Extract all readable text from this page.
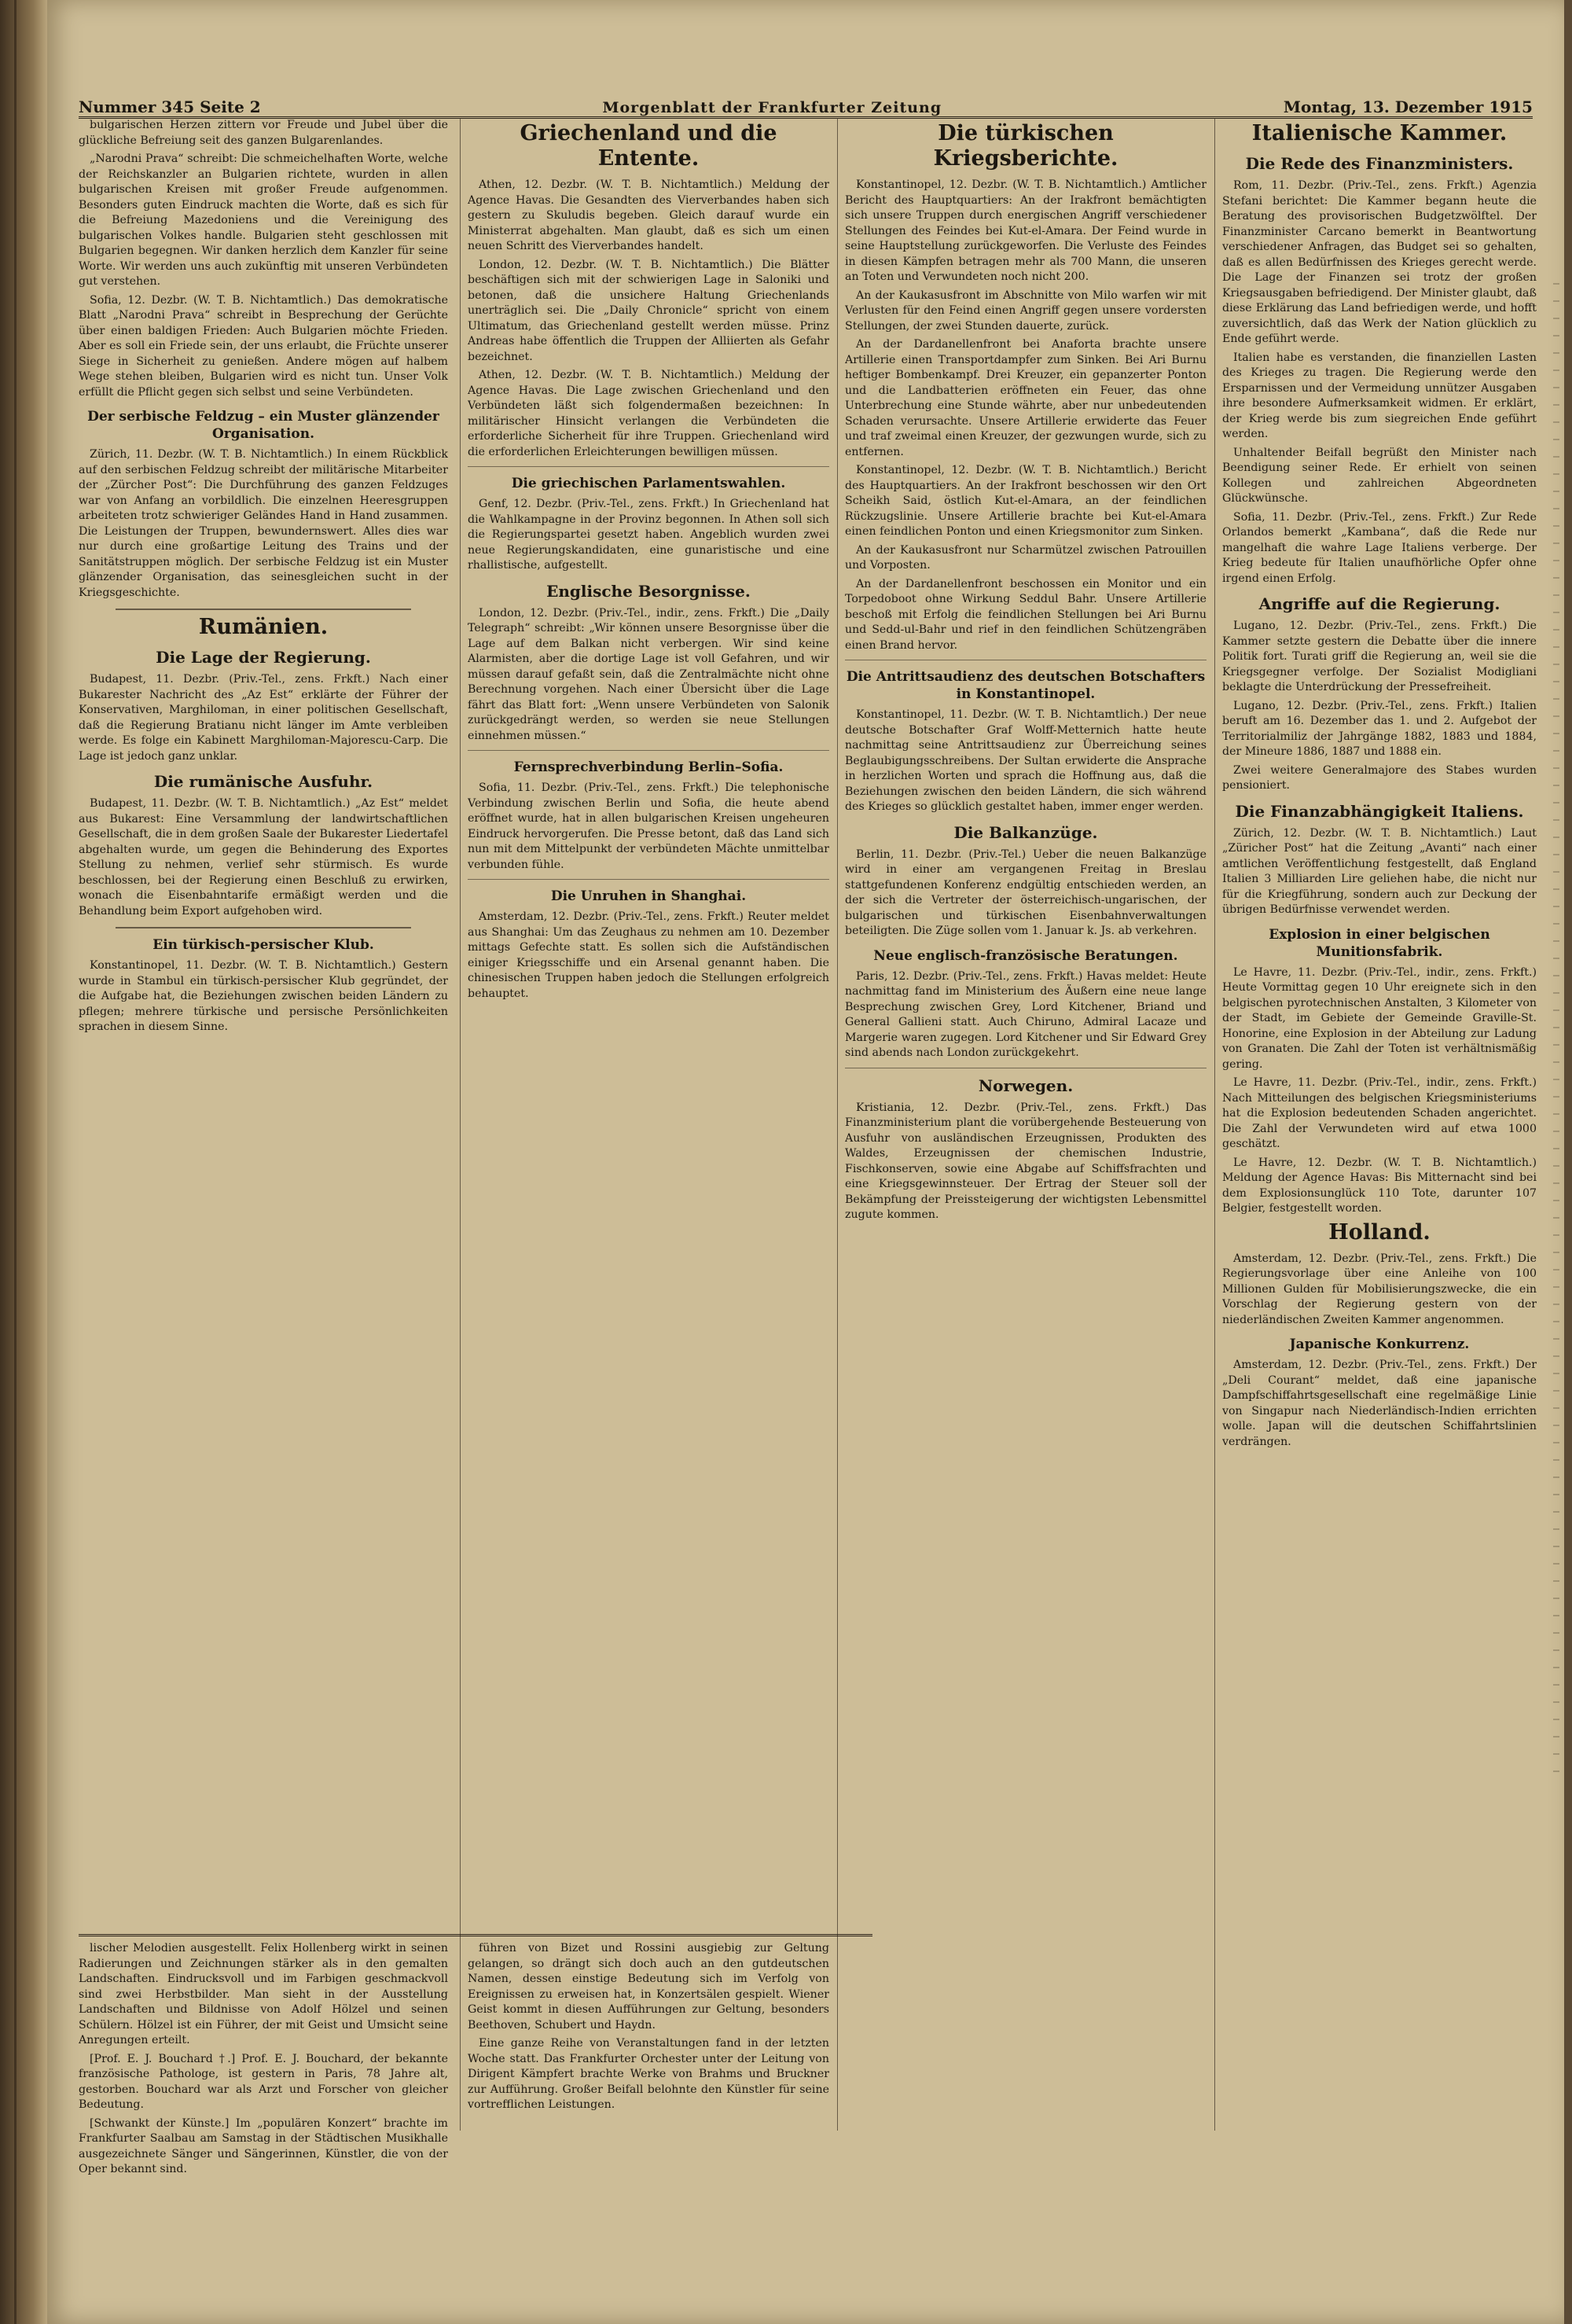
Nummer 345 Seite 2	Morgenblatt der Frankfurter Zeitung	Montag, 13. Dezember 1915

bulgarischen Herzen zittern vor Freude und Jubel über die glückliche Befreiung seit des ganzen Bulgarenlandes.

„Narodni Prava“ schreibt: Die schmeichelhaften Worte, welche der Reichskanzler an Bulgarien richtete, wurden in allen bulgarischen Kreisen mit großer Freude aufgenommen. Besonders guten Eindruck machten die Worte, daß es sich für die Befreiung Mazedoniens und die Vereinigung des bulgarischen Volkes handle. Bulgarien steht geschlossen mit Bulgarien begegnen. Wir danken herzlich dem Kanzler für seine Worte. Wir werden uns auch zukünftig mit unseren Verbündeten gut verstehen.

Sofia, 12. Dezbr. (W. T. B. Nichtamtlich.) Das demokratische Blatt „Narodni Prava“ schreibt in Besprechung der Gerüchte über einen baldigen Frieden: Auch Bulgarien möchte Frieden. Aber es soll ein Friede sein, der uns erlaubt, die Früchte unserer Siege in Sicherheit zu genießen. Andere mögen auf halbem Wege stehen bleiben, Bulgarien wird es nicht tun. Unser Volk erfüllt die Pflicht gegen sich selbst und seine Verbündeten.

Der serbische Feldzug – ein Muster glänzender Organisation.

Zürich, 11. Dezbr. (W. T. B. Nichtamtlich.) In einem Rückblick auf den serbischen Feldzug schreibt der militärische Mitarbeiter der „Zürcher Post“: Die Durchführung des ganzen Feldzuges war von Anfang an vorbildlich. Die einzelnen Heeresgruppen arbeiteten trotz schwieriger Geländes Hand in Hand zusammen. Die Leistungen der Truppen, bewundernswert. Alles dies war nur durch eine großartige Leitung des Trains und der Sanitätstruppen möglich. Der serbische Feldzug ist ein Muster glänzender Organisation, das seinesgleichen sucht in der Kriegsgeschichte.

Rumänien.
Die Lage der Regierung.

Budapest, 11. Dezbr. (Priv.-Tel., zens. Frkft.) Nach einer Bukarester Nachricht des „Az Est“ erklärte der Führer der Konservativen, Marghiloman, in einer politischen Gesellschaft, daß die Regierung Bratianu nicht länger im Amte verbleiben werde. Es folge ein Kabinett Marghiloman-Majorescu-Carp. Die Lage ist jedoch ganz unklar.

Die rumänische Ausfuhr.

Budapest, 11. Dezbr. (W. T. B. Nichtamtlich.) „Az Est“ meldet aus Bukarest: Eine Versammlung der landwirtschaftlichen Gesellschaft, die in dem großen Saale der Bukarester Liedertafel abgehalten wurde, um gegen die Behinderung des Exportes Stellung zu nehmen, verlief sehr stürmisch. Es wurde beschlossen, bei der Regierung einen Beschluß zu erwirken, wonach die Eisenbahntarife ermäßigt werden und die Behandlung beim Export aufgehoben wird.

Ein türkisch-persischer Klub.

Konstantinopel, 11. Dezbr. (W. T. B. Nichtamtlich.) Gestern wurde in Stambul ein türkisch-persischer Klub gegründet, der die Aufgabe hat, die Beziehungen zwischen beiden Ländern zu pflegen; mehrere türkische und persische Persönlichkeiten sprachen in diesem Sinne.

Griechenland und die Entente.

Athen, 12. Dezbr. (W. T. B. Nichtamtlich.) Meldung der Agence Havas. Die Gesandten des Vierverbandes haben sich gestern zu Skuludis begeben. Gleich darauf wurde ein Ministerrat abgehalten. Man glaubt, daß es sich um einen neuen Schritt des Vierverbandes handelt.

London, 12. Dezbr. (W. T. B. Nichtamtlich.) Die Blätter beschäftigen sich mit der schwierigen Lage in Saloniki und betonen, daß die unsichere Haltung Griechenlands unerträglich sei. Die „Daily Chronicle“ spricht von einem Ultimatum, das Griechenland gestellt werden müsse. Prinz Andreas habe öffentlich die Truppen der Alliierten als Gefahr bezeichnet.

Athen, 12. Dezbr. (W. T. B. Nichtamtlich.) Meldung der Agence Havas. Die Lage zwischen Griechenland und den Verbündeten läßt sich folgendermaßen bezeichnen: In militärischer Hinsicht verlangen die Verbündeten die erforderliche Sicherheit für ihre Truppen. Griechenland wird die erforderlichen Erleichterungen bewilligen müssen.

Die griechischen Parlamentswahlen.

Genf, 12. Dezbr. (Priv.-Tel., zens. Frkft.) In Griechenland hat die Wahlkampagne in der Provinz begonnen. In Athen soll sich die Regierungspartei gesetzt haben. Angeblich wurden zwei neue Regierungskandidaten, eine gunaristische und eine rhallistische, aufgestellt.

Englische Besorgnisse.

London, 12. Dezbr. (Priv.-Tel., indir., zens. Frkft.) Die „Daily Telegraph“ schreibt: „Wir können unsere Besorgnisse über die Lage auf dem Balkan nicht verbergen. Wir sind keine Alarmisten, aber die dortige Lage ist voll Gefahren, und wir müssen darauf gefaßt sein, daß die Zentralmächte nicht ohne Berechnung vorgehen. Nach einer Übersicht über die Lage fährt das Blatt fort: „Wenn unsere Verbündeten von Salonik zurückgedrängt werden, so werden sie neue Stellungen einnehmen müssen.“

Fernsprechverbindung Berlin–Sofia.

Sofia, 11. Dezbr. (Priv.-Tel., zens. Frkft.) Die telephonische Verbindung zwischen Berlin und Sofia, die heute abend eröffnet wurde, hat in allen bulgarischen Kreisen ungeheuren Eindruck hervorgerufen. Die Presse betont, daß das Land sich nun mit dem Mittelpunkt der verbündeten Mächte unmittelbar verbunden fühle.

Die Unruhen in Shanghai.

Amsterdam, 12. Dezbr. (Priv.-Tel., zens. Frkft.) Reuter meldet aus Shanghai: Um das Zeughaus zu nehmen am 10. Dezember mittags Gefechte statt. Es sollen sich die Aufständischen einiger Kriegsschiffe und ein Arsenal genannt haben. Die chinesischen Truppen haben jedoch die Stellungen erfolgreich behauptet.

Die türkischen Kriegsberichte.

Konstantinopel, 12. Dezbr. (W. T. B. Nichtamtlich.) Amtlicher Bericht des Hauptquartiers: An der Irakfront bemächtigten sich unsere Truppen durch energischen Angriff verschiedener Stellungen des Feindes bei Kut-el-Amara. Der Feind wurde in seine Hauptstellung zurückgeworfen. Die Verluste des Feindes in diesen Kämpfen betragen mehr als 700 Mann, die unseren an Toten und Verwundeten noch nicht 200.

An der Kaukasusfront im Abschnitte von Milo warfen wir mit Verlusten für den Feind einen Angriff gegen unsere vordersten Stellungen, der zwei Stunden dauerte, zurück.

An der Dardanellenfront bei Anaforta brachte unsere Artillerie einen Transportdampfer zum Sinken. Bei Ari Burnu heftiger Bombenkampf. Drei Kreuzer, ein gepanzerter Ponton und die Landbatterien eröffneten ein Feuer, das ohne Unterbrechung eine Stunde währte, aber nur unbedeutenden Schaden verursachte. Unsere Artillerie erwiderte das Feuer und traf zweimal einen Kreuzer, der gezwungen wurde, sich zu entfernen.

Konstantinopel, 12. Dezbr. (W. T. B. Nichtamtlich.) Bericht des Hauptquartiers. An der Irakfront beschossen wir den Ort Scheikh Said, östlich Kut-el-Amara, an der feindlichen Rückzugslinie. Unsere Artillerie brachte bei Kut-el-Amara einen feindlichen Ponton und einen Kriegsmonitor zum Sinken.

An der Kaukasusfront nur Scharmützel zwischen Patrouillen und Vorposten.

An der Dardanellenfront beschossen ein Monitor und ein Torpedoboot ohne Wirkung Seddul Bahr. Unsere Artillerie beschoß mit Erfolg die feindlichen Stellungen bei Ari Burnu und Sedd-ul-Bahr und rief in den feindlichen Schützengräben einen Brand hervor.

Die Antrittsaudienz des deutschen Botschafters in Konstantinopel.

Konstantinopel, 11. Dezbr. (W. T. B. Nichtamtlich.) Der neue deutsche Botschafter Graf Wolff-Metternich hatte heute nachmittag seine Antrittsaudienz zur Überreichung seines Beglaubigungsschreibens. Der Sultan erwiderte die Ansprache in herzlichen Worten und sprach die Hoffnung aus, daß die Beziehungen zwischen den beiden Ländern, die sich während des Krieges so glücklich gestaltet haben, immer enger werden.

Die Balkanzüge.

Berlin, 11. Dezbr. (Priv.-Tel.) Ueber die neuen Balkanzüge wird in einer am vergangenen Freitag in Breslau stattgefundenen Konferenz endgültig entschieden werden, an der sich die Vertreter der österreichisch-ungarischen, der bulgarischen und türkischen Eisenbahnverwaltungen beteiligten. Die Züge sollen vom 1. Januar k. Js. ab verkehren.

Neue englisch-französische Beratungen.

Paris, 12. Dezbr. (Priv.-Tel., zens. Frkft.) Havas meldet: Heute nachmittag fand im Ministerium des Äußern eine neue lange Besprechung zwischen Grey, Lord Kitchener, Briand und General Gallieni statt. Auch Chiruno, Admiral Lacaze und Margerie waren zugegen. Lord Kitchener und Sir Edward Grey sind abends nach London zurückgekehrt.

Norwegen.

Kristiania, 12. Dezbr. (Priv.-Tel., zens. Frkft.) Das Finanzministerium plant die vorübergehende Besteuerung von Ausfuhr von ausländischen Erzeugnissen, Produkten des Waldes, Erzeugnissen der chemischen Industrie, Fischkonserven, sowie eine Abgabe auf Schiffsfrachten und eine Kriegsgewinnsteuer. Der Ertrag der Steuer soll der Bekämpfung der Preissteigerung der wichtigsten Lebensmittel zugute kommen.

Italienische Kammer.
Die Rede des Finanzministers.

Rom, 11. Dezbr. (Priv.-Tel., zens. Frkft.) Agenzia Stefani berichtet: Die Kammer begann heute die Beratung des provisorischen Budgetzwölftel. Der Finanzminister Carcano bemerkt in Beantwortung verschiedener Anfragen, das Budget sei so gehalten, daß es allen Bedürfnissen des Krieges gerecht werde. Die Lage der Finanzen sei trotz der großen Kriegsausgaben befriedigend. Der Minister glaubt, daß diese Erklärung das Land befriedigen werde, und hofft zuversichtlich, daß das Werk der Nation glücklich zu Ende geführt werde.

Italien habe es verstanden, die finanziellen Lasten des Krieges zu tragen. Die Regierung werde den Ersparnissen und der Vermeidung unnützer Ausgaben ihre besondere Aufmerksamkeit widmen. Er erklärt, der Krieg werde bis zum siegreichen Ende geführt werden.

Unhaltender Beifall begrüßt den Minister nach Beendigung seiner Rede. Er erhielt von seinen Kollegen und zahlreichen Abgeordneten Glückwünsche.

Sofia, 11. Dezbr. (Priv.-Tel., zens. Frkft.) Zur Rede Orlandos bemerkt „Kambana“, daß die Rede nur mangelhaft die wahre Lage Italiens verberge. Der Krieg bedeute für Italien unaufhörliche Opfer ohne irgend einen Erfolg.

Angriffe auf die Regierung.

Lugano, 12. Dezbr. (Priv.-Tel., zens. Frkft.) Die Kammer setzte gestern die Debatte über die innere Politik fort. Turati griff die Regierung an, weil sie die Kriegsgegner verfolge. Der Sozialist Modigliani beklagte die Unterdrückung der Pressefreiheit.

Lugano, 12. Dezbr. (Priv.-Tel., zens. Frkft.) Italien beruft am 16. Dezember das 1. und 2. Aufgebot der Territorialmiliz der Jahrgänge 1882, 1883 und 1884, der Mineure 1886, 1887 und 1888 ein.

Zwei weitere Generalmajore des Stabes wurden pensioniert.

Die Finanzabhängigkeit Italiens.

Zürich, 12. Dezbr. (W. T. B. Nichtamtlich.) Laut „Züricher Post“ hat die Zeitung „Avanti“ nach einer amtlichen Veröffentlichung festgestellt, daß England Italien 3 Milliarden Lire geliehen habe, die nicht nur für die Kriegführung, sondern auch zur Deckung der übrigen Bedürfnisse verwendet werden.

Explosion in einer belgischen Munitionsfabrik.

Le Havre, 11. Dezbr. (Priv.-Tel., indir., zens. Frkft.) Heute Vormittag gegen 10 Uhr ereignete sich in den belgischen pyrotechnischen Anstalten, 3 Kilometer von der Stadt, im Gebiete der Gemeinde Graville-St. Honorine, eine Explosion in der Abteilung zur Ladung von Granaten. Die Zahl der Toten ist verhältnismäßig gering.

Le Havre, 11. Dezbr. (Priv.-Tel., indir., zens. Frkft.) Nach Mitteilungen des belgischen Kriegsministeriums hat die Explosion bedeutenden Schaden angerichtet. Die Zahl der Verwundeten wird auf etwa 1000 geschätzt.

Le Havre, 12. Dezbr. (W. T. B. Nichtamtlich.) Meldung der Agence Havas: Bis Mitternacht sind bei dem Explosionsunglück 110 Tote, darunter 107 Belgier, festgestellt worden.

Holland.

Amsterdam, 12. Dezbr. (Priv.-Tel., zens. Frkft.) Die Regierungsvorlage über eine Anleihe von 100 Millionen Gulden für Mobilisierungszwecke, die ein Vorschlag der Regierung gestern von der niederländischen Zweiten Kammer angenommen.

Japanische Konkurrenz.

Amsterdam, 12. Dezbr. (Priv.-Tel., zens. Frkft.) Der „Deli Courant“ meldet, daß eine japanische Dampfschiffahrtsgesellschaft eine regelmäßige Linie von Singapur nach Niederländisch-Indien errichten wolle. Japan will die deutschen Schiffahrtslinien verdrängen.

lischer Melodien ausgestellt. Felix Hollenberg wirkt in seinen Radierungen und Zeichnungen stärker als in den gemalten Landschaften. Eindrucksvoll und im Farbigen geschmackvoll sind zwei Herbstbilder. Man sieht in der Ausstellung Landschaften und Bildnisse von Adolf Hölzel und seinen Schülern. Hölzel ist ein Führer, der mit Geist und Umsicht seine Anregungen erteilt.

[Prof. E. J. Bouchard †.] Prof. E. J. Bouchard, der bekannte französische Pathologe, ist gestern in Paris, 78 Jahre alt, gestorben. Bouchard war als Arzt und Forscher von gleicher Bedeutung.

[Schwankt der Künste.] Im „populären Konzert“ brachte im Frankfurter Saalbau am Samstag in der Städtischen Musikhalle ausgezeichnete Sänger und Sängerinnen, Künstler, die von der Oper bekannt sind.

führen von Bizet und Rossini ausgiebig zur Geltung gelangen, so drängt sich doch auch an den gutdeutschen Namen, dessen einstige Bedeutung sich im Verfolg von Ereignissen zu erweisen hat, in Konzertsälen gespielt. Wiener Geist kommt in diesen Aufführungen zur Geltung, besonders Beethoven, Schubert und Haydn.

Eine ganze Reihe von Veranstaltungen fand in der letzten Woche statt. Das Frankfurter Orchester unter der Leitung von Dirigent Kämpfert brachte Werke von Brahms und Bruckner zur Aufführung. Großer Beifall belohnte den Künstler für seine vortrefflichen Leistungen.
